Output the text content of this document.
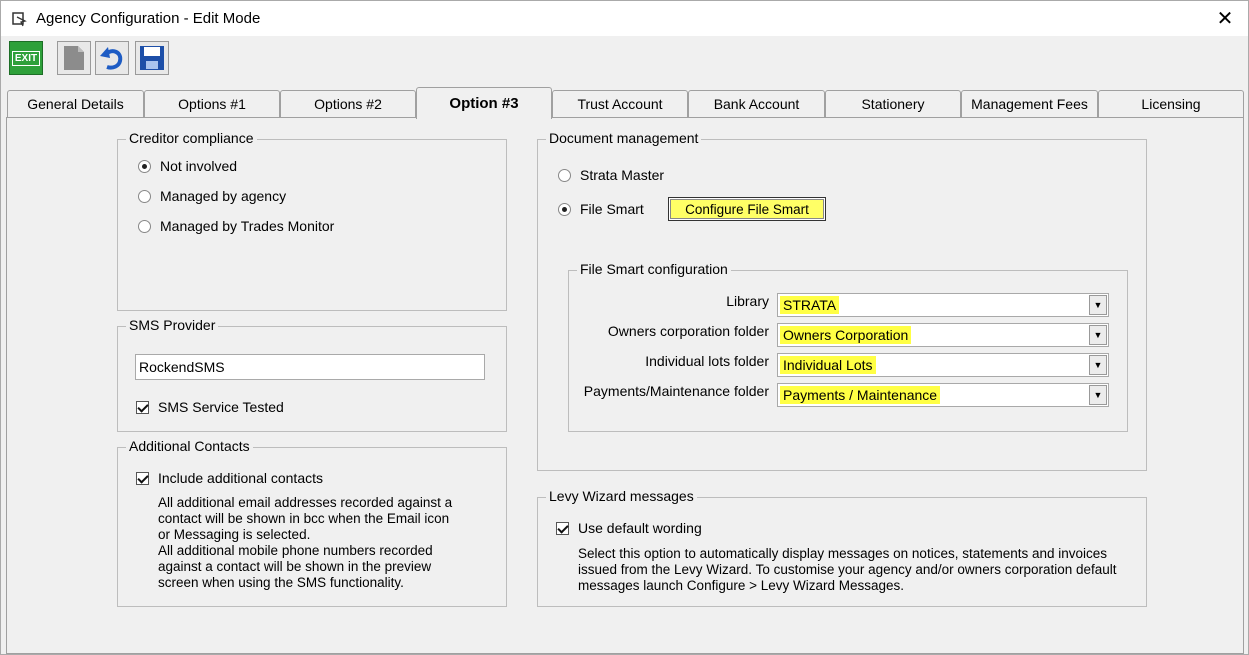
Agency Configuration - Edit Mode	✕
EXIT
General Details	Options #1	Options #2	Option #3	Trust Account	Bank Account	Stationery	Management Fees	Licensing
Creditor compliance
Not involved
Managed by agency
Managed by Trades Monitor
SMS Provider
RockendSMS
SMS Service Tested
Additional Contacts
Include additional contacts
All additional email addresses recorded against a
contact will be shown in bcc when the Email icon
or Messaging is selected.
All additional mobile phone numbers recorded
against a contact will be shown in the preview
screen when using the SMS functionality.
Document management
Strata Master
File Smart	Configure File Smart
File Smart configuration
Library STRATA	▼
Owners corporation folder Owners Corporation	▼
Individual lots folder Individual Lots	▼
Payments/Maintenance folder Payments / Maintenance	▼
Levy Wizard messages
Use default wording
Select this option to automatically display messages on notices, statements and invoices
issued from the Levy Wizard. To customise your agency and/or owners corporation default
messages launch Configure > Levy Wizard Messages.
